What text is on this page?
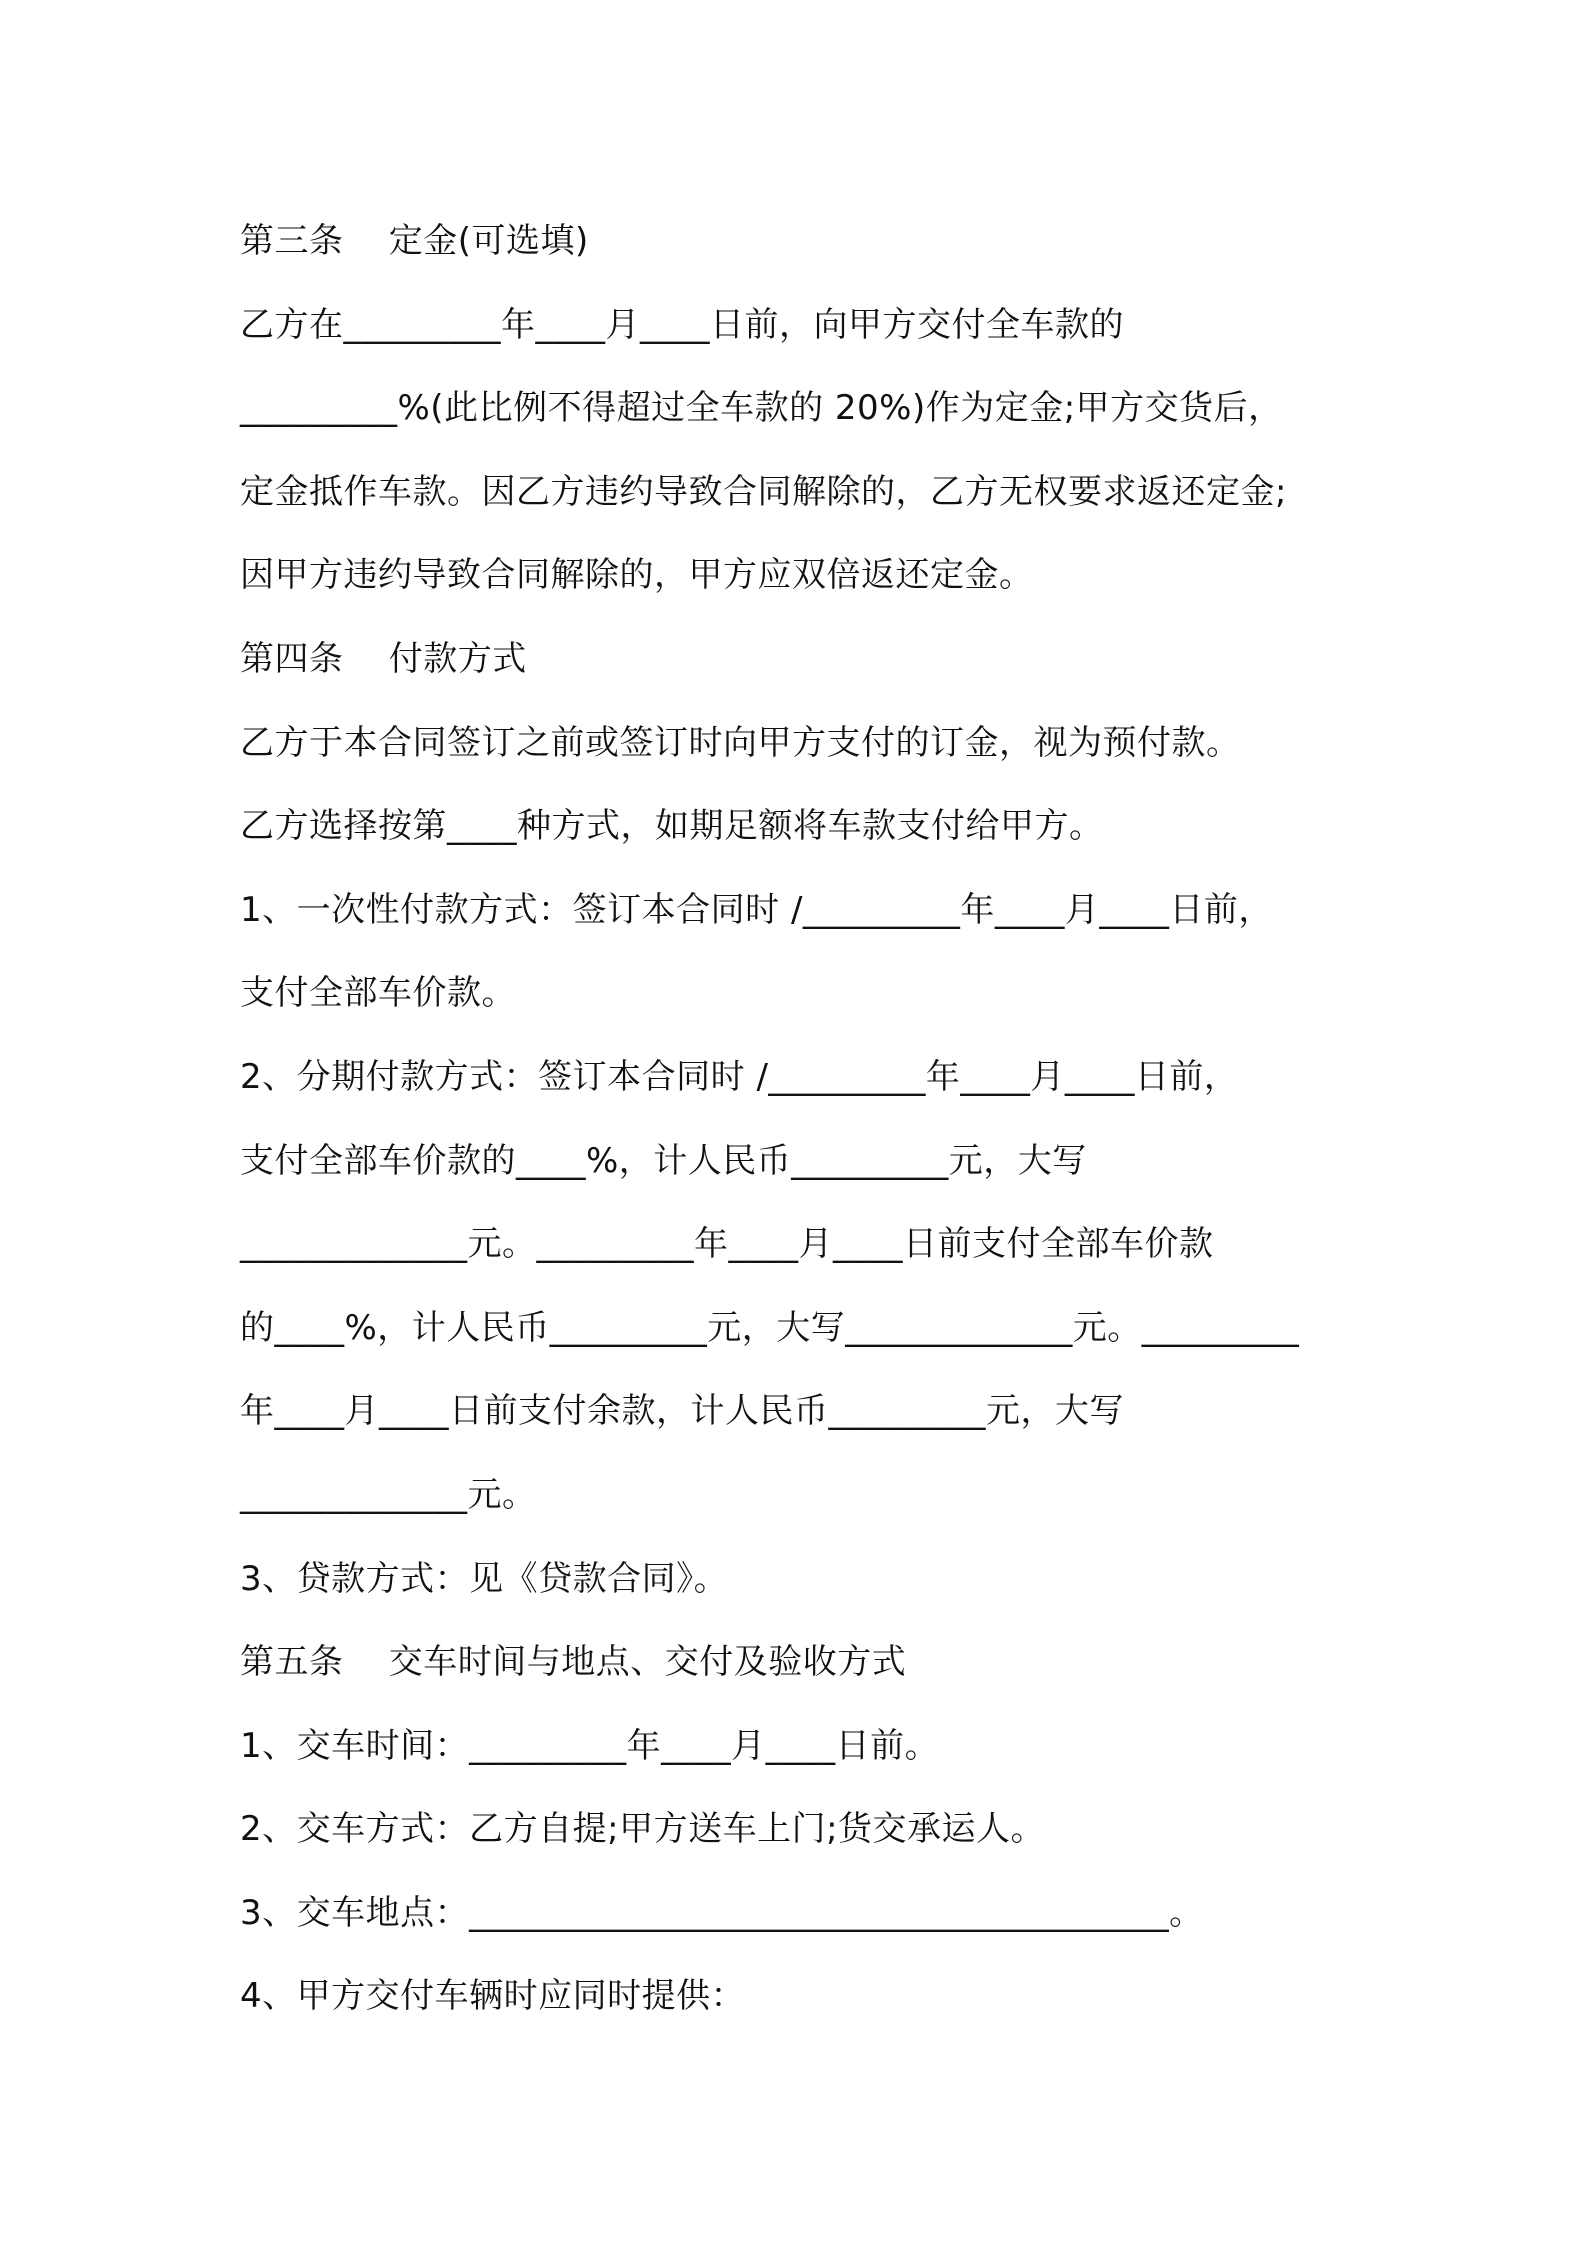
第三条    定金(可选填)
乙方在_________年____月____日前，向甲方交付全车款的
_________%(此比例不得超过全车款的 20%)作为定金;甲方交货后，
定金抵作车款。因乙方违约导致合同解除的，乙方无权要求返还定金;
因甲方违约导致合同解除的，甲方应双倍返还定金。
第四条    付款方式
乙方于本合同签订之前或签订时向甲方支付的订金，视为预付款。
乙方选择按第____种方式，如期足额将车款支付给甲方。
1、一次性付款方式：签订本合同时 /_________年____月____日前，
支付全部车价款。
2、分期付款方式：签订本合同时 /_________年____月____日前，
支付全部车价款的____%，计人民币_________元，大写
_____________元。_________年____月____日前支付全部车价款
的____%，计人民币_________元，大写_____________元。_________
年____月____日前支付余款，计人民币_________元，大写
_____________元。
3、贷款方式：见《贷款合同》。
第五条    交车时间与地点、交付及验收方式
1、交车时间：_________年____月____日前。
2、交车方式：乙方自提;甲方送车上门;货交承运人。
3、交车地点：________________________________________。
4、甲方交付车辆时应同时提供：
